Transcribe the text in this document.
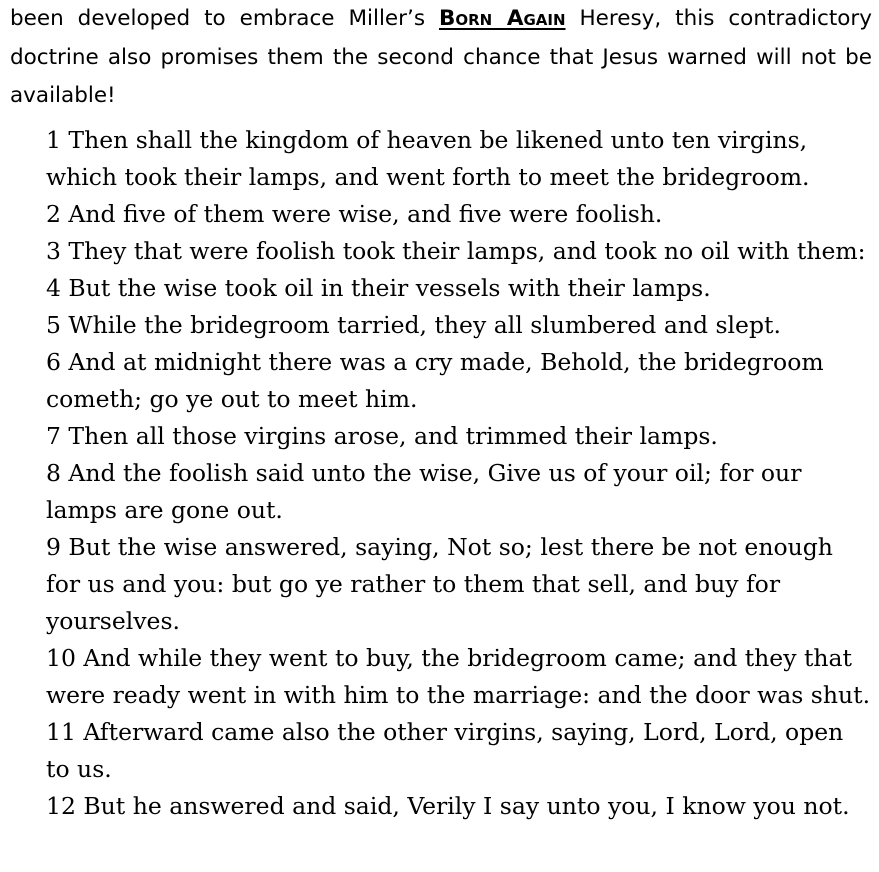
been developed to embrace Miller’s Born Again Heresy, this contradictory doctrine also promises them the second chance that Jesus warned will not be available!

1 Then shall the kingdom of heaven be likened unto ten virgins, which took their lamps, and went forth to meet the bridegroom.
2 And five of them were wise, and five were foolish.
3 They that were foolish took their lamps, and took no oil with them:
4 But the wise took oil in their vessels with their lamps.
5 While the bridegroom tarried, they all slumbered and slept.
6 And at midnight there was a cry made, Behold, the bridegroom cometh; go ye out to meet him.
7 Then all those virgins arose, and trimmed their lamps.
8 And the foolish said unto the wise, Give us of your oil; for our lamps are gone out.
9 But the wise answered, saying, Not so; lest there be not enough for us and you: but go ye rather to them that sell, and buy for yourselves.
10 And while they went to buy, the bridegroom came; and they that were ready went in with him to the marriage: and the door was shut.
11 Afterward came also the other virgins, saying, Lord, Lord, open to us.
12 But he answered and said, Verily I say unto you, I know you not.
